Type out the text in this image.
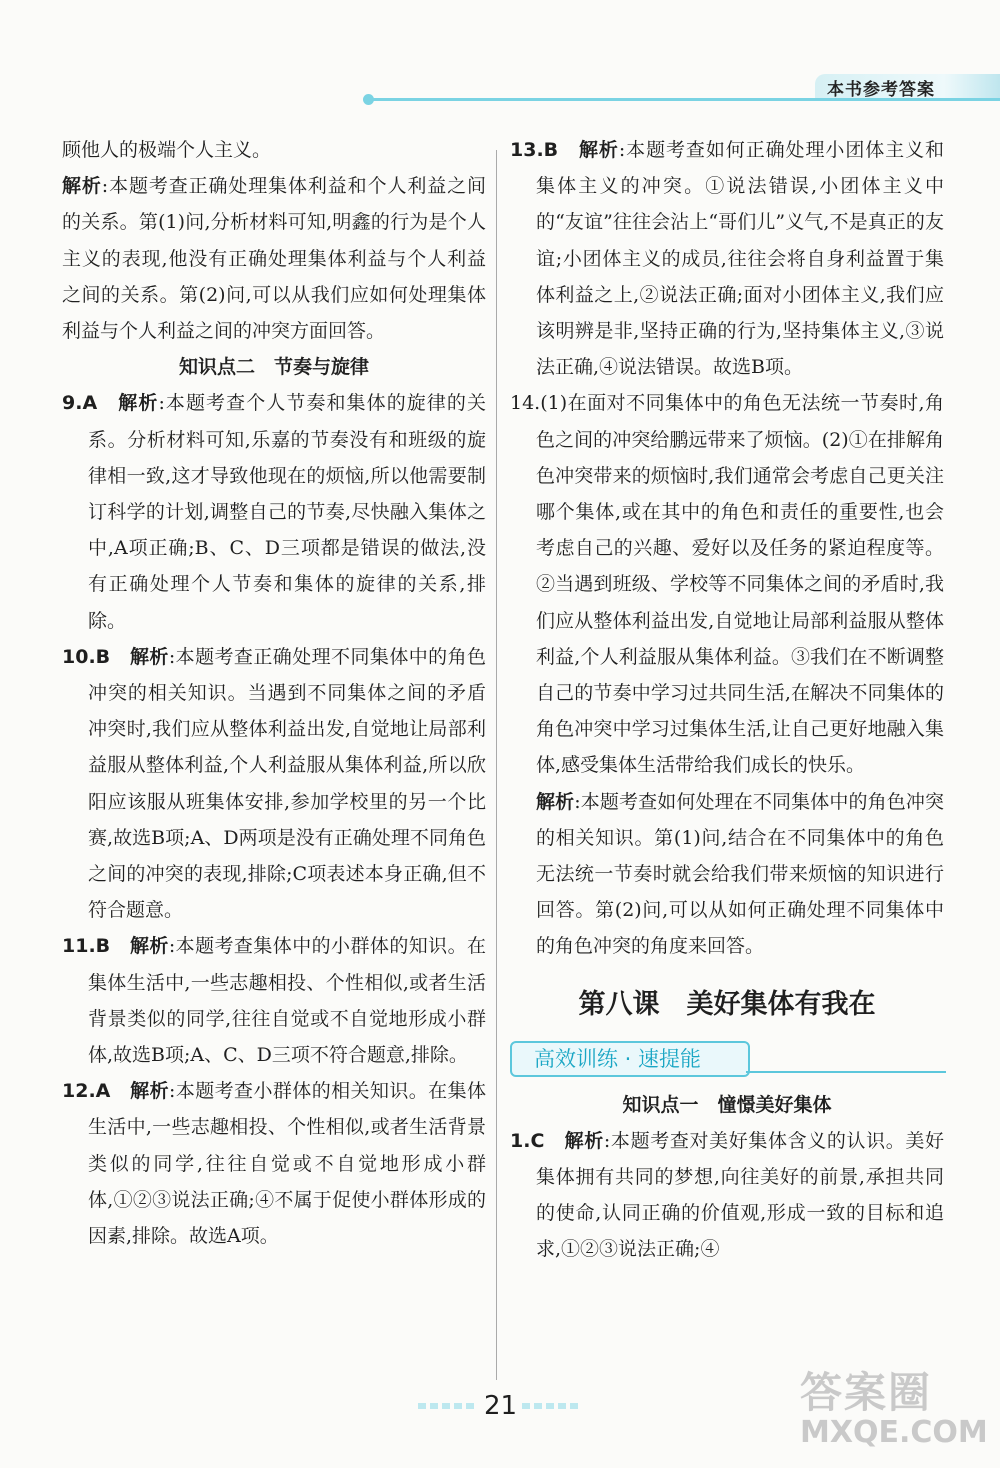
本书参考答案

顾他人的极端个人主义。

解析:本题考查正确处理集体利益和个人利益之间的关系。第(1)问,分析材料可知,明鑫的行为是个人主义的表现,他没有正确处理集体利益与个人利益之间的关系。第(2)问,可以从我们应如何处理集体利益与个人利益之间的冲突方面回答。

知识点二　节奏与旋律

9.A　解析:本题考查个人节奏和集体的旋律的关系。分析材料可知,乐嘉的节奏没有和班级的旋律相一致,这才导致他现在的烦恼,所以他需要制订科学的计划,调整自己的节奏,尽快融入集体之中,A项正确;B、C、D三项都是错误的做法,没有正确处理个人节奏和集体的旋律的关系,排除。

10.B　解析:本题考查正确处理不同集体中的角色冲突的相关知识。当遇到不同集体之间的矛盾冲突时,我们应从整体利益出发,自觉地让局部利益服从整体利益,个人利益服从集体利益,所以欣阳应该服从班集体安排,参加学校里的另一个比赛,故选B项;A、D两项是没有正确处理不同角色之间的冲突的表现,排除;C项表述本身正确,但不符合题意。

11.B　解析:本题考查集体中的小群体的知识。在集体生活中,一些志趣相投、个性相似,或者生活背景类似的同学,往往自觉或不自觉地形成小群体,故选B项;A、C、D三项不符合题意,排除。

12.A　解析:本题考查小群体的相关知识。在集体生活中,一些志趣相投、个性相似,或者生活背景类似的同学,往往自觉或不自觉地形成小群体,①②③说法正确;④不属于促使小群体形成的因素,排除。故选A项。

13.B　解析:本题考查如何正确处理小团体主义和集体主义的冲突。①说法错误,小团体主义中的“友谊”往往会沾上“哥们儿”义气,不是真正的友谊;小团体主义的成员,往往会将自身利益置于集体利益之上,②说法正确;面对小团体主义,我们应该明辨是非,坚持正确的行为,坚持集体主义,③说法正确,④说法错误。故选B项。

14.(1)在面对不同集体中的角色无法统一节奏时,角色之间的冲突给鹏远带来了烦恼。(2)①在排解角色冲突带来的烦恼时,我们通常会考虑自己更关注哪个集体,或在其中的角色和责任的重要性,也会考虑自己的兴趣、爱好以及任务的紧迫程度等。②当遇到班级、学校等不同集体之间的矛盾时,我们应从整体利益出发,自觉地让局部利益服从整体利益,个人利益服从集体利益。③我们在不断调整自己的节奏中学习过共同生活,在解决不同集体的角色冲突中学习过集体生活,让自己更好地融入集体,感受集体生活带给我们成长的快乐。

解析:本题考查如何处理在不同集体中的角色冲突的相关知识。第(1)问,结合在不同集体中的角色无法统一节奏时就会给我们带来烦恼的知识进行回答。第(2)问,可以从如何正确处理不同集体中的角色冲突的角度来回答。

第八课　美好集体有我在

高效训练 · 速提能

知识点一　憧憬美好集体

1.C　解析:本题考查对美好集体含义的认识。美好集体拥有共同的梦想,向往美好的前景,承担共同的使命,认同正确的价值观,形成一致的目标和追求,①②③说法正确;④

21	答案圈
MXQE.COM
